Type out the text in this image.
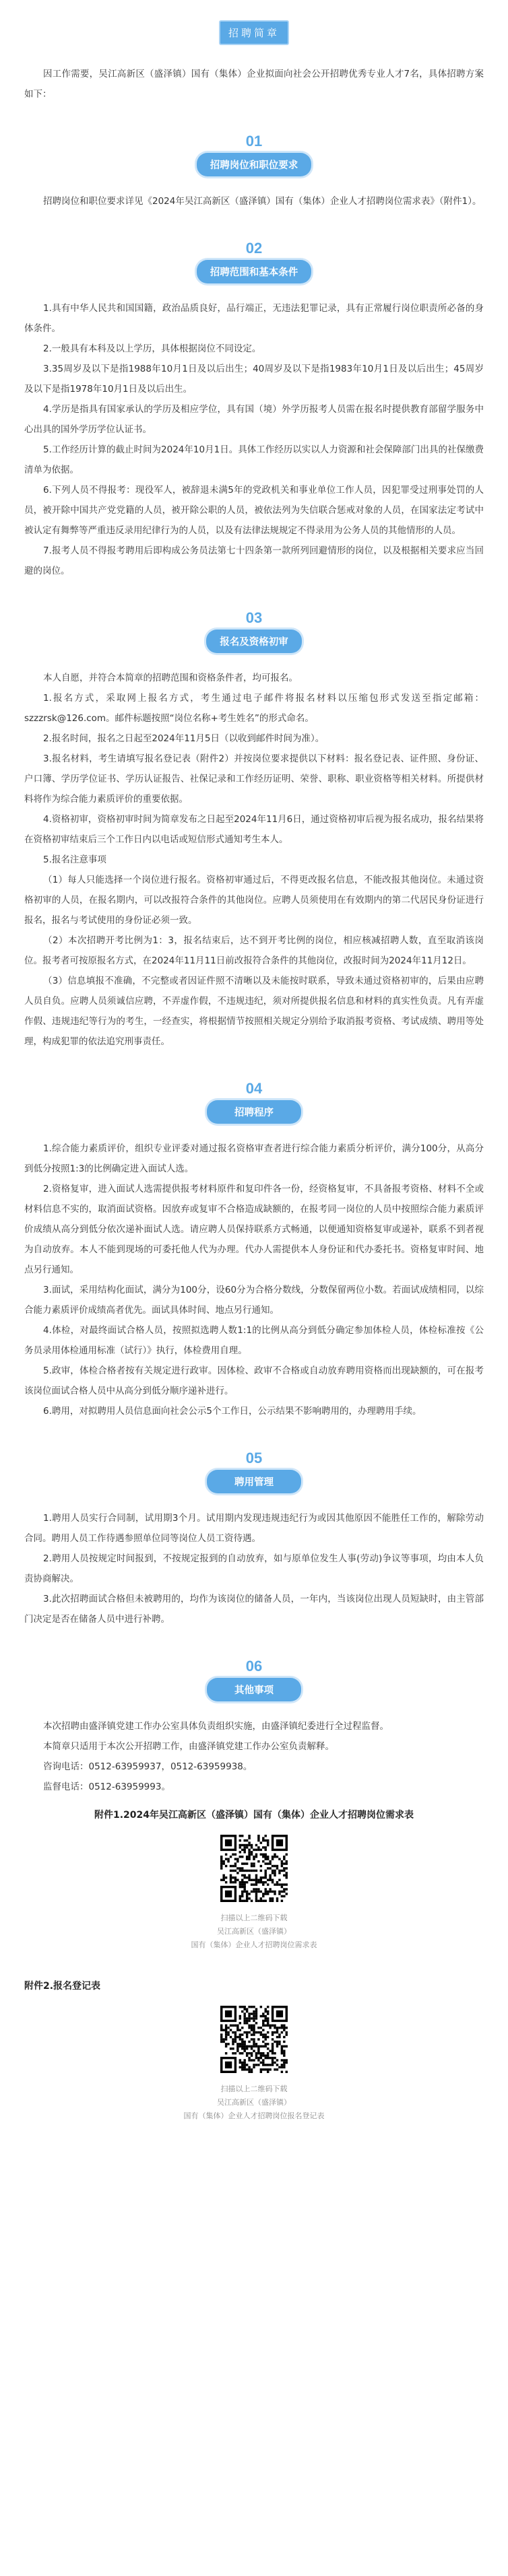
招聘简章

因工作需要，吴江高新区（盛泽镇）国有（集体）企业拟面向社会公开招聘优秀专业人才7名，具体招聘方案如下：

01
招聘岗位和职位要求

招聘岗位和职位要求详见《2024年吴江高新区（盛泽镇）国有（集体）企业人才招聘岗位需求表》（附件1）。

02
招聘范围和基本条件

1.具有中华人民共和国国籍，政治品质良好，品行端正，无违法犯罪记录，具有正常履行岗位职责所必备的身体条件。

2.一般具有本科及以上学历，具体根据岗位不同设定。

3.35周岁及以下是指1988年10月1日及以后出生；40周岁及以下是指1983年10月1日及以后出生；45周岁及以下是指1978年10月1日及以后出生。

4.学历是指具有国家承认的学历及相应学位，具有国（境）外学历报考人员需在报名时提供教育部留学服务中心出具的国外学历学位认证书。

5.工作经历计算的截止时间为2024年10月1日。具体工作经历以实以人力资源和社会保障部门出具的社保缴费清单为依据。

6.下列人员不得报考：现役军人，被辞退未满5年的党政机关和事业单位工作人员，因犯罪受过刑事处罚的人员，被开除中国共产党党籍的人员，被开除公职的人员，被依法列为失信联合惩戒对象的人员，在国家法定考试中被认定有舞弊等严重违反录用纪律行为的人员，以及有法律法规规定不得录用为公务人员的其他情形的人员。

7.报考人员不得报考聘用后即构成公务员法第七十四条第一款所列回避情形的岗位，以及根据相关要求应当回避的岗位。

03
报名及资格初审

本人自愿，并符合本简章的招聘范围和资格条件者，均可报名。

1.报名方式，采取网上报名方式，考生通过电子邮件将报名材料以压缩包形式发送至指定邮箱：szzzrsk@126.com。邮件标题按照“岗位名称+考生姓名”的形式命名。

2.报名时间，报名之日起至2024年11月5日（以收到邮件时间为准）。

3.报名材料，考生请填写报名登记表（附件2）并按岗位要求提供以下材料：报名登记表、证件照、身份证、户口簿、学历学位证书、学历认证报告、社保记录和工作经历证明、荣誉、职称、职业资格等相关材料。所提供材料将作为综合能力素质评价的重要依据。

4.资格初审，资格初审时间为简章发布之日起至2024年11月6日，通过资格初审后视为报名成功，报名结果将在资格初审结束后三个工作日内以电话或短信形式通知考生本人。

5.报名注意事项

（1）每人只能选择一个岗位进行报名。资格初审通过后，不得更改报名信息，不能改报其他岗位。未通过资格初审的人员，在报名期内，可以改报符合条件的其他岗位。应聘人员须使用在有效期内的第二代居民身份证进行报名，报名与考试使用的身份证必须一致。

（2）本次招聘开考比例为1：3，报名结束后，达不到开考比例的岗位，相应核减招聘人数，直至取消该岗位。报考者可按原报名方式，在2024年11月11日前改报符合条件的其他岗位，改报时间为2024年11月12日。

（3）信息填报不准确，不完整或者因证件照不清晰以及未能按时联系，导致未通过资格初审的，后果由应聘人员自负。应聘人员须诚信应聘，不弄虚作假，不违规违纪，须对所提供报名信息和材料的真实性负责。凡有弄虚作假、违规违纪等行为的考生，一经查实，将根据情节按照相关规定分别给予取消报考资格、考试成绩、聘用等处理，构成犯罪的依法追究刑事责任。

04
招聘程序

1.综合能力素质评价，组织专业评委对通过报名资格审查者进行综合能力素质分析评价，满分100分，从高分到低分按照1:3的比例确定进入面试人选。

2.资格复审，进入面试人选需提供报考材料原件和复印件各一份，经资格复审，不具备报考资格、材料不全或材料信息不实的，取消面试资格。因放弃或复审不合格造成缺额的，在报考同一岗位的人员中按照综合能力素质评价成绩从高分到低分依次递补面试人选。请应聘人员保持联系方式畅通，以便通知资格复审或递补，联系不到者视为自动放弃。本人不能到现场的可委托他人代为办理。代办人需提供本人身份证和代办委托书。资格复审时间、地点另行通知。

3.面试，采用结构化面试，满分为100分，设60分为合格分数线，分数保留两位小数。若面试成绩相同，以综合能力素质评价成绩高者优先。面试具体时间、地点另行通知。

4.体检，对最终面试合格人员，按照拟选聘人数1:1的比例从高分到低分确定参加体检人员，体检标准按《公务员录用体检通用标准（试行）》执行，体检费用自理。

5.政审，体检合格者按有关规定进行政审。因体检、政审不合格或自动放弃聘用资格而出现缺额的，可在报考该岗位面试合格人员中从高分到低分顺序递补进行。

6.聘用，对拟聘用人员信息面向社会公示5个工作日，公示结果不影响聘用的，办理聘用手续。

05
聘用管理

1.聘用人员实行合同制，试用期3个月。试用期内发现违规违纪行为或因其他原因不能胜任工作的，解除劳动合同。聘用人员工作待遇参照单位同等岗位人员工资待遇。

2.聘用人员按规定时间报到，不按规定报到的自动放弃，如与原单位发生人事(劳动)争议等事项，均由本人负责协商解决。

3.此次招聘面试合格但未被聘用的，均作为该岗位的储备人员，一年内，当该岗位出现人员短缺时，由主管部门决定是否在储备人员中进行补聘。

06
其他事项

本次招聘由盛泽镇党建工作办公室具体负责组织实施，由盛泽镇纪委进行全过程监督。

本简章只适用于本次公开招聘工作，由盛泽镇党建工作办公室负责解释。

咨询电话：0512-63959937，0512-63959938。

监督电话：0512-63959993。

附件1.2024年吴江高新区（盛泽镇）国有（集体）企业人才招聘岗位需求表

扫描以上二维码下载

吴江高新区（盛泽镇）

国有（集体）企业人才招聘岗位需求表

附件2.报名登记表

扫描以上二维码下载

吴江高新区（盛泽镇）

国有（集体）企业人才招聘岗位报名登记表
